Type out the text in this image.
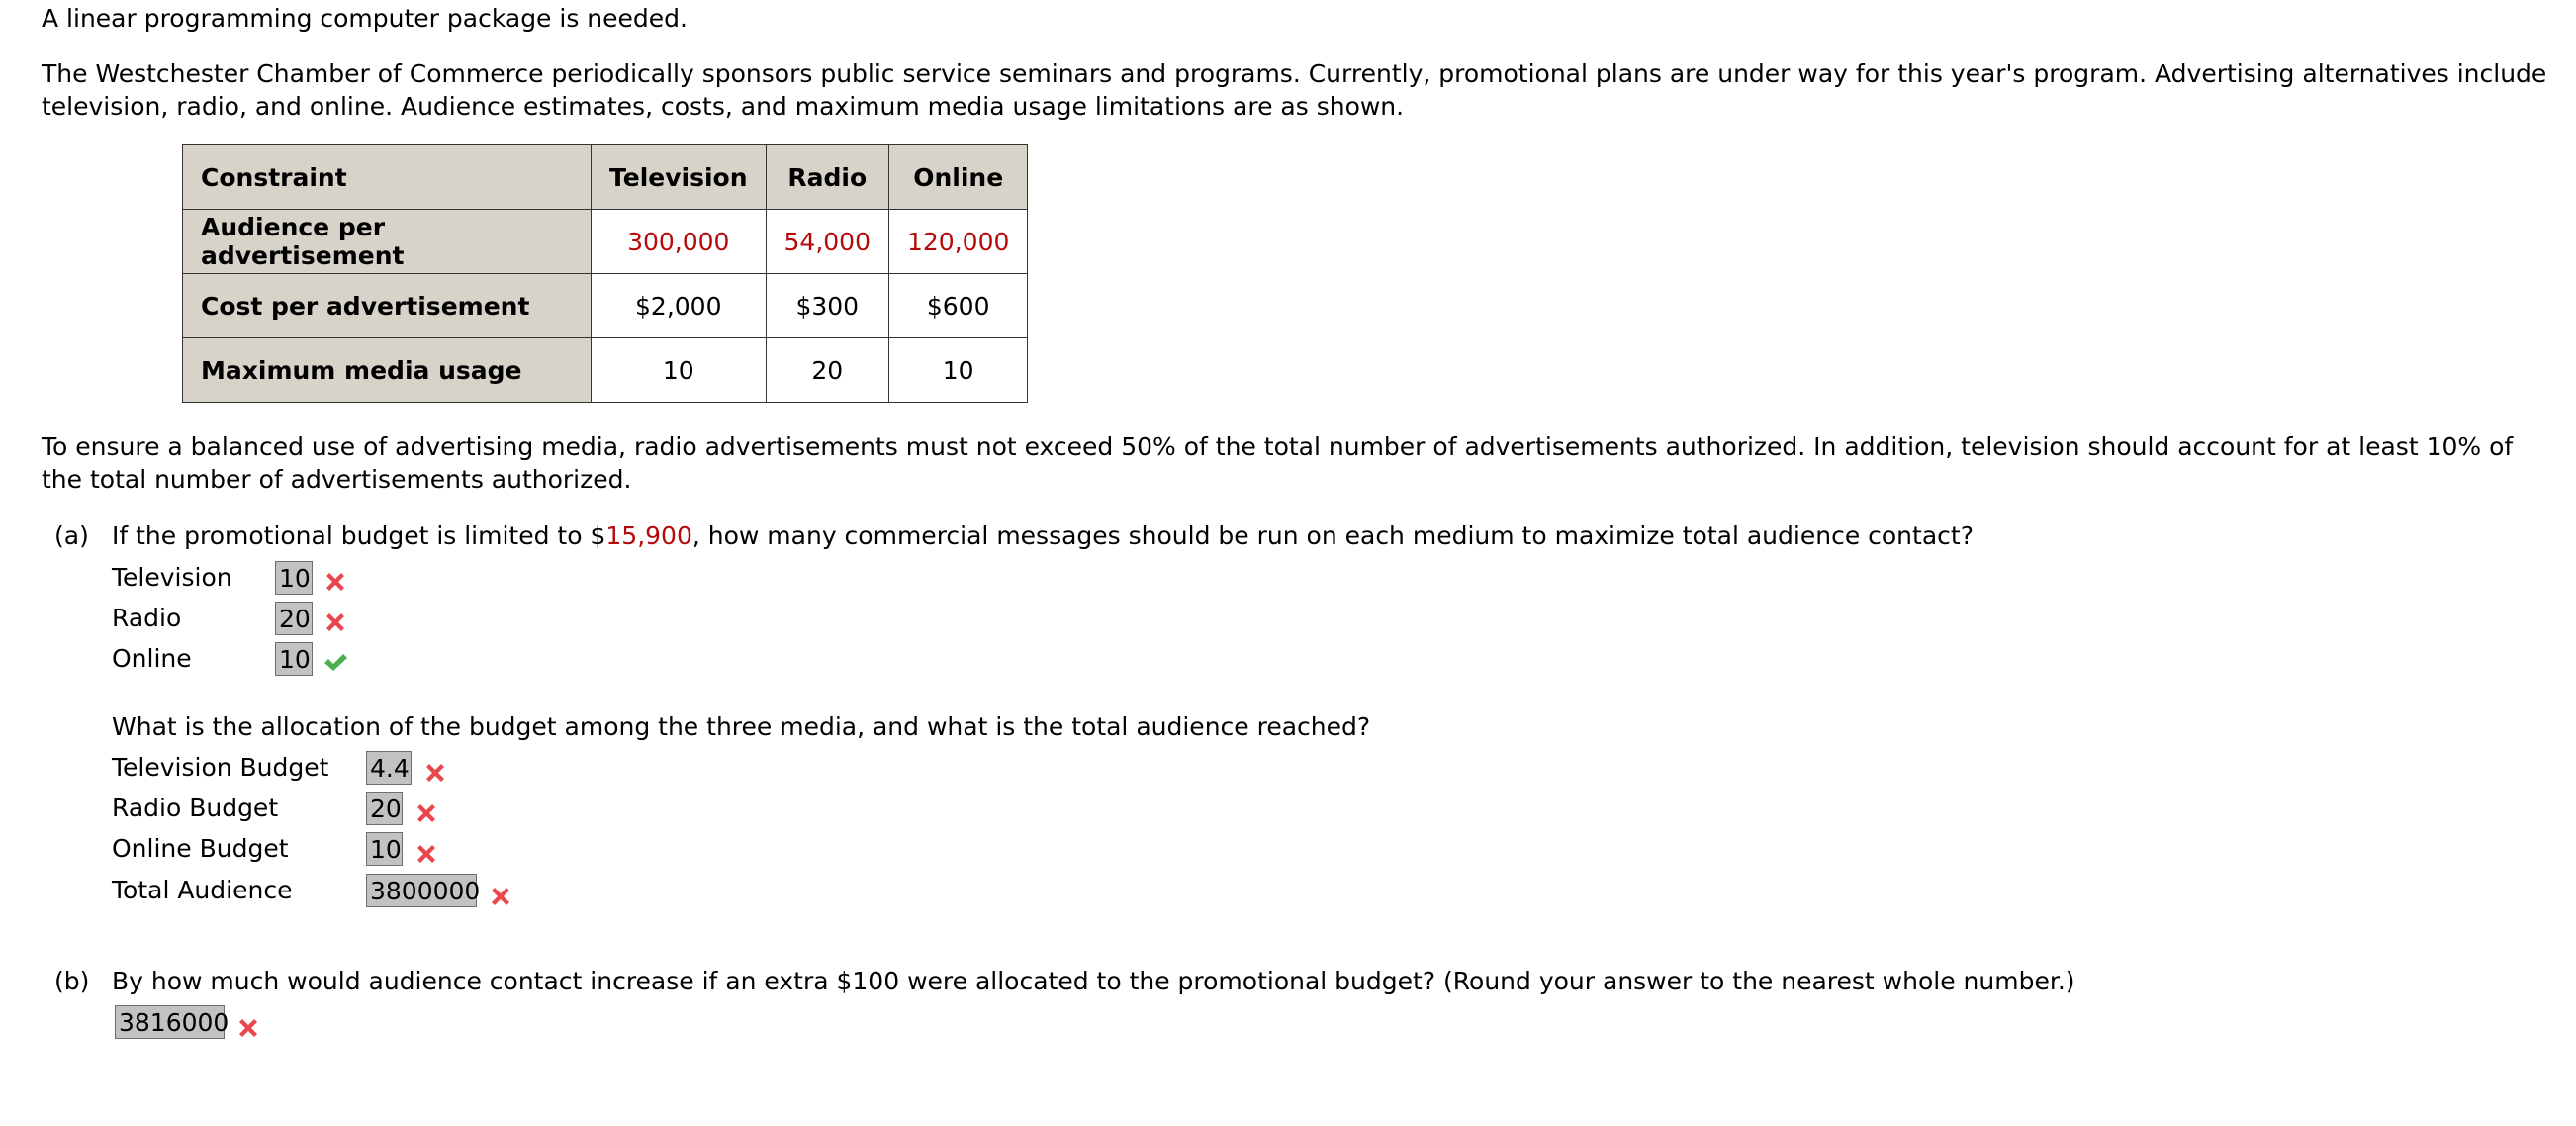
A linear programming computer package is needed.
The Westchester Chamber of Commerce periodically sponsors public service seminars and programs. Currently, promotional plans are under way for this year's program. Advertising alternatives include television, radio, and online. Audience estimates, costs, and maximum media usage limitations are as shown.
Constraint	Television	Radio	Online
Audience per advertisement	300,000	54,000	120,000
Cost per advertisement	$2,000	$300	$600
Maximum media usage	10	20	10
To ensure a balanced use of advertising media, radio advertisements must not exceed 50% of the total number of advertisements authorized. In addition, television should account for at least 10% of the total number of advertisements authorized.
(a) If the promotional budget is limited to $15,900, how many commercial messages should be run on each medium to maximize total audience contact?
Television 10
Radio	20
Online	10
What is the allocation of the budget among the three media, and what is the total audience reached?
Television Budget 4.4
Radio Budget	20
Online Budget	10
Total Audience	3800000
(b) By how much would audience contact increase if an extra $100 were allocated to the promotional budget? (Round your answer to the nearest whole number.)
3816000
